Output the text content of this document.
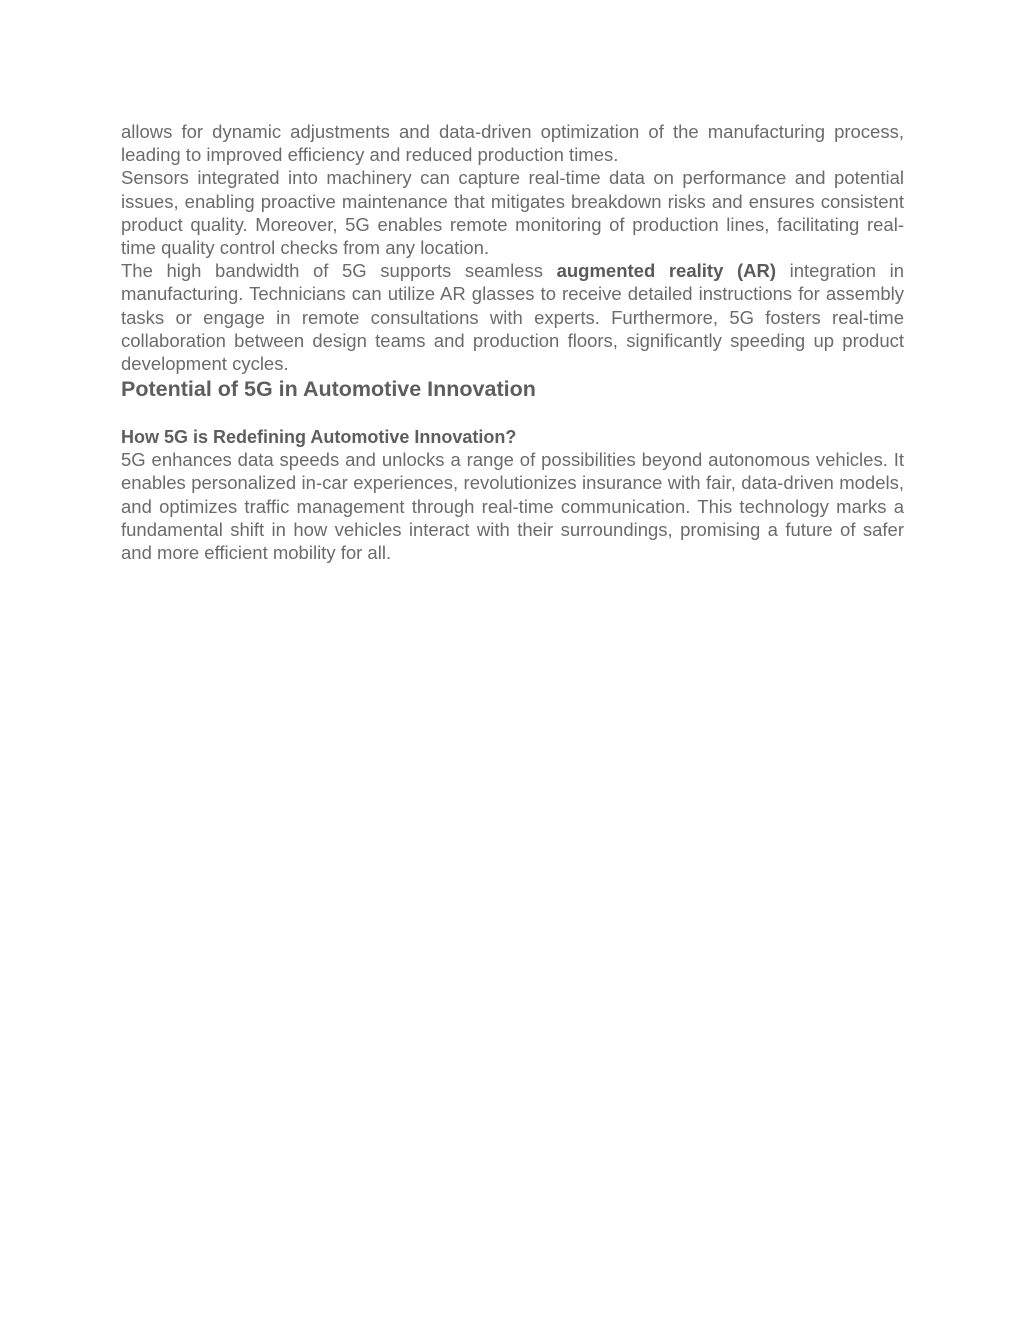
allows for dynamic adjustments and data-driven optimization of the manufacturing process, leading to improved efficiency and reduced production times.

Sensors integrated into machinery can capture real-time data on performance and potential issues, enabling proactive maintenance that mitigates breakdown risks and ensures consistent product quality. Moreover, 5G enables remote monitoring of production lines, facilitating real-time quality control checks from any location.

The high bandwidth of 5G supports seamless augmented reality (AR) integration in manufacturing. Technicians can utilize AR glasses to receive detailed instructions for assembly tasks or engage in remote consultations with experts. Furthermore, 5G fosters real-time collaboration between design teams and production floors, significantly speeding up product development cycles.

Potential of 5G in Automotive Innovation
How 5G is Redefining Automotive Innovation?

5G enhances data speeds and unlocks a range of possibilities beyond autonomous vehicles. It enables personalized in-car experiences, revolutionizes insurance with fair, data-driven models, and optimizes traffic management through real-time communication. This technology marks a fundamental shift in how vehicles interact with their surroundings, promising a future of safer and more efficient mobility for all.
